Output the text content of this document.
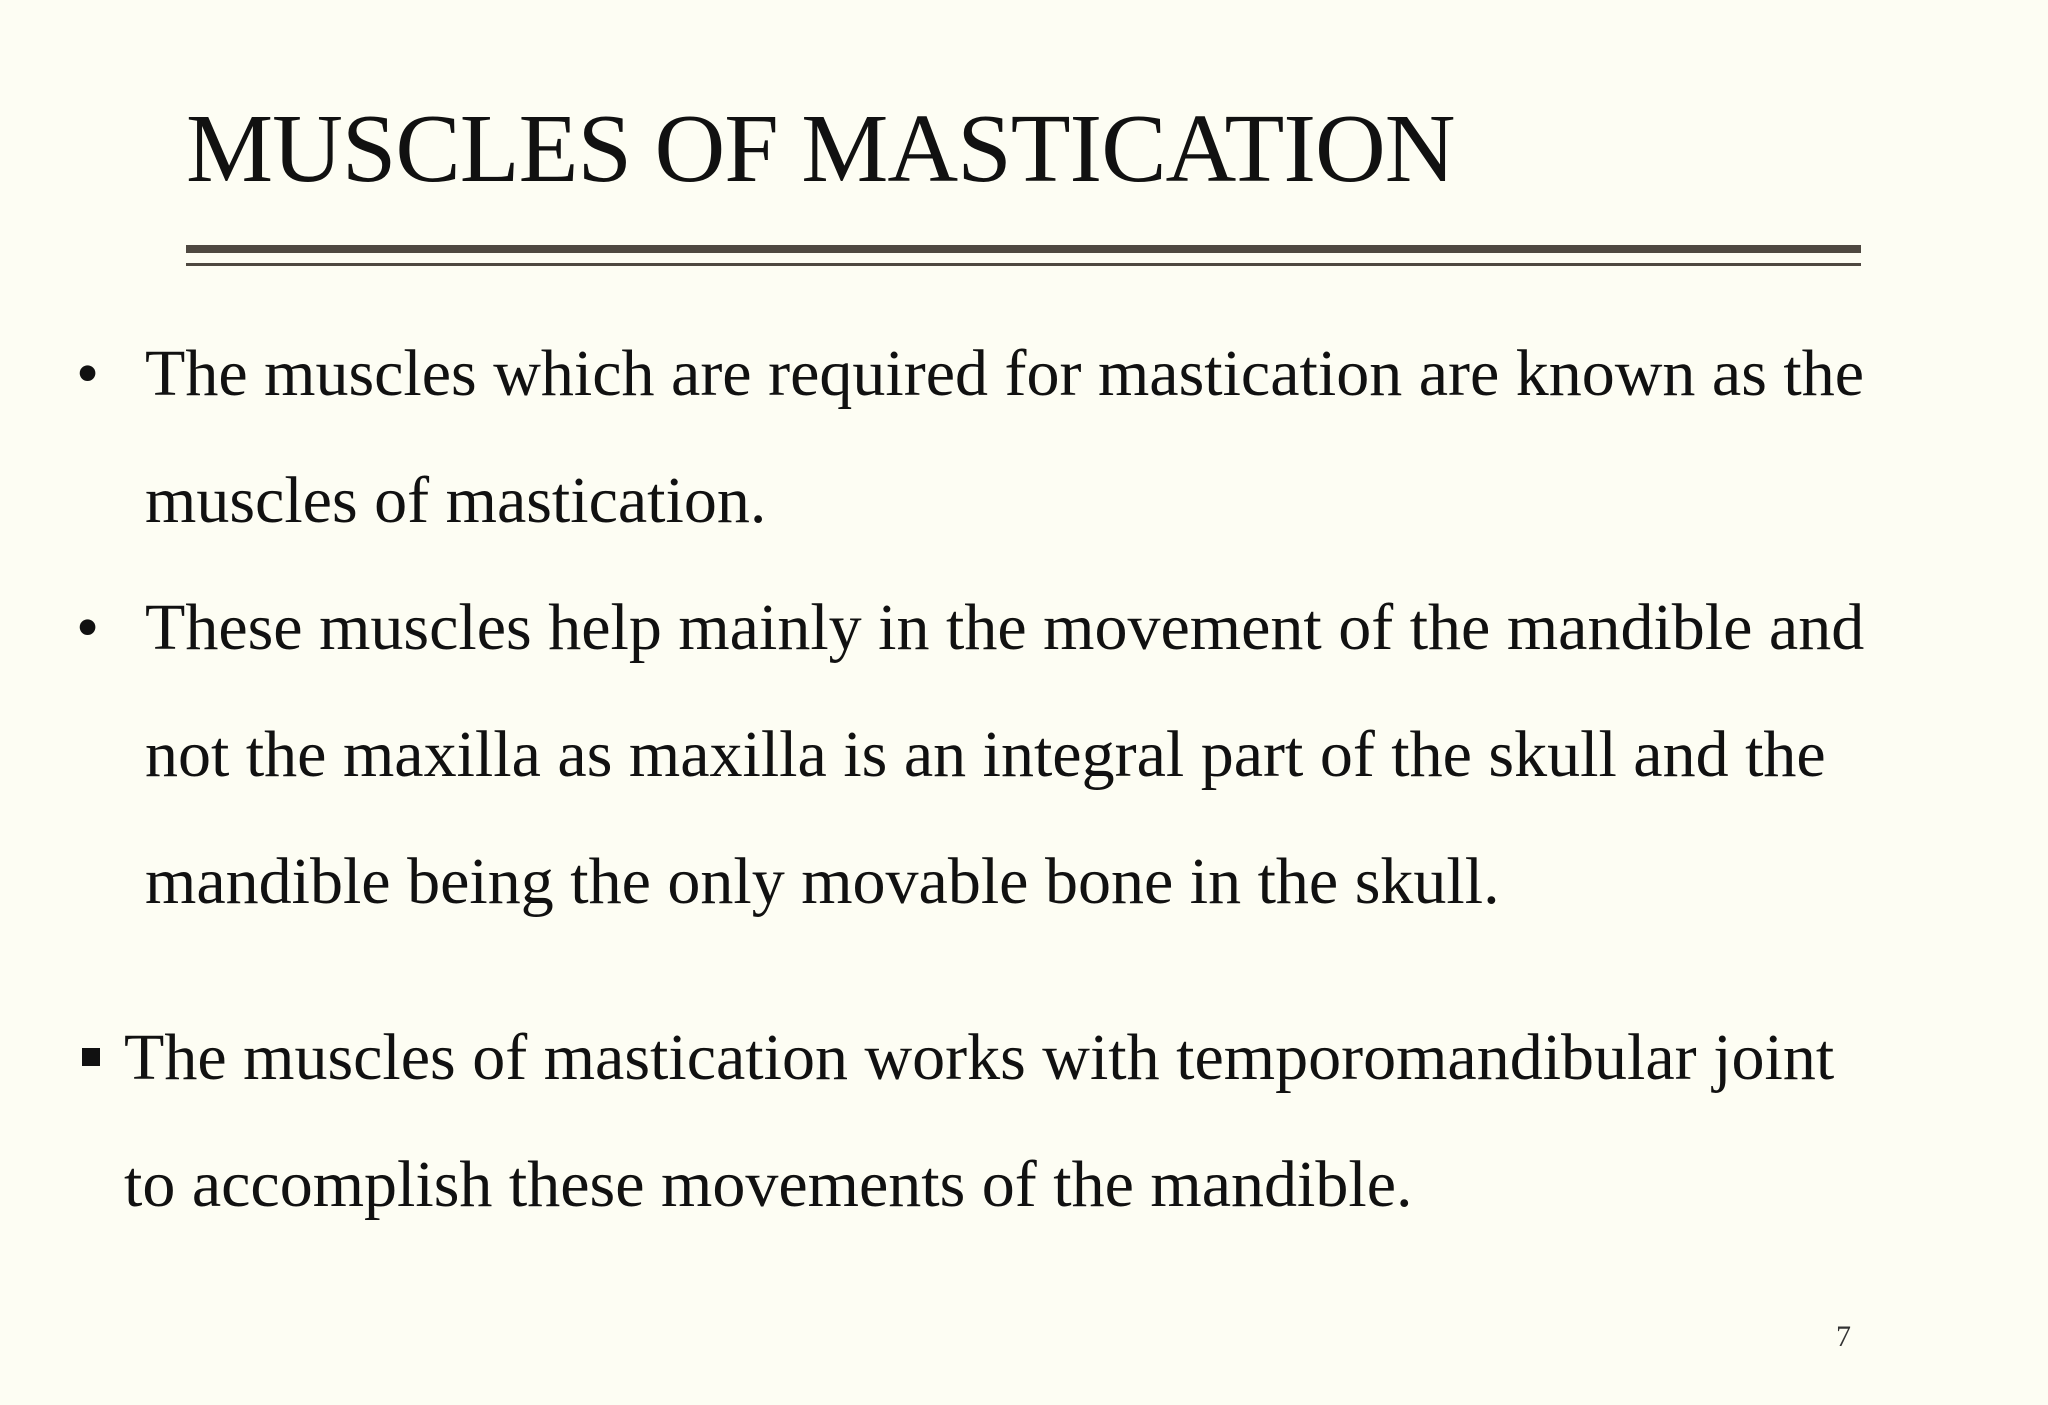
MUSCLES OF MASTICATION
• The muscles which are required for mastication are known as the

muscles of mastication.

• These muscles help mainly in the movement of the mandible and

not the maxilla as maxilla is an integral part of the skull and the

mandible being the only movable bone in the skull.

The muscles of mastication works with temporomandibular joint

to accomplish these movements of the mandible.

7
